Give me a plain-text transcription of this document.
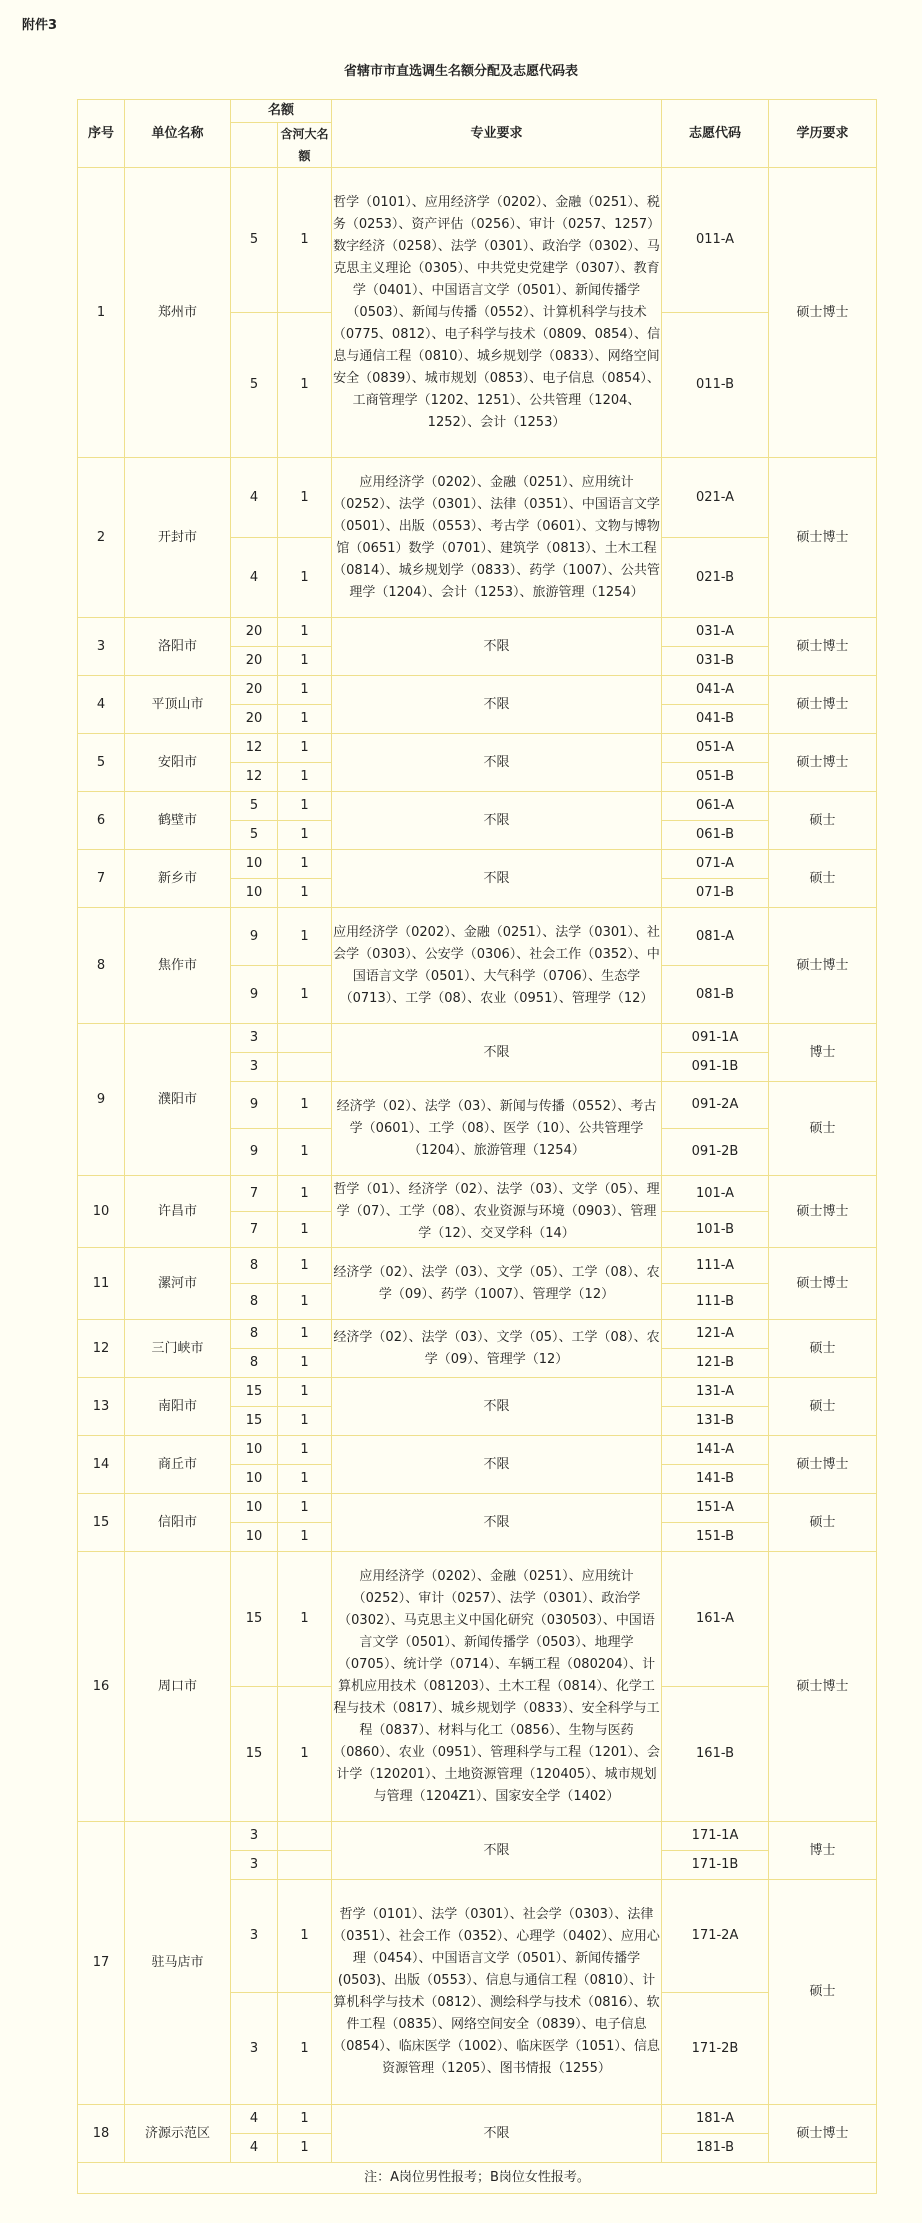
附件3
省辖市市直选调生名额分配及志愿代码表
序号	单位名称	名额		专业要求	志愿代码	学历要求
			含河大名额			
1	郑州市	5	1	哲学（0101）、应用经济学（0202）、金融（0251）、税务（0253）、资产评估（0256）、审计（0257、1257）数字经济（0258）、法学（0301）、政治学（0302）、马克思主义理论（0305）、中共党史党建学（0307）、教育学（0401）、中国语言文学（0501）、新闻传播学（0503）、新闻与传播（0552）、计算机科学与技术（0775、0812）、电子科学与技术（0809、0854）、信息与通信工程（0810）、城乡规划学（0833）、网络空间安全（0839）、城市规划（0853）、电子信息（0854）、工商管理学（1202、1251）、公共管理（1204、1252）、会计（1253）	011-A	硕士博士
		5	1		011-B	
2	开封市	4	1	应用经济学（0202）、金融（0251）、应用统计（0252）、法学（0301）、法律（0351）、中国语言文学（0501）、出版（0553）、考古学（0601）、文物与博物馆（0651）数学（0701）、建筑学（0813）、土木工程（0814）、城乡规划学（0833）、药学（1007）、公共管理学（1204）、会计（1253）、旅游管理（1254）	021-A	硕士博士
		4	1		021-B	
3	洛阳市	20	1	不限	031-A	硕士博士
		20	1		031-B	
4	平顶山市	20	1	不限	041-A	硕士博士
		20	1		041-B	
5	安阳市	12	1	不限	051-A	硕士博士
		12	1		051-B	
6	鹤壁市	5	1	不限	061-A	硕士
		5	1		061-B	
7	新乡市	10	1	不限	071-A	硕士
		10	1		071-B	
8	焦作市	9	1	应用经济学（0202）、金融（0251）、法学（0301）、社会学（0303）、公安学（0306）、社会工作（0352）、中国语言文学（0501）、大气科学（0706）、生态学（0713）、工学（08）、农业（0951）、管理学（12）	081-A	硕士博士
		9	1		081-B	
9	濮阳市	3		不限	091-1A	博士
		3			091-1B	
		9	1	经济学（02）、法学（03）、新闻与传播（0552）、考古学（0601）、工学（08）、医学（10）、公共管理学（1204）、旅游管理（1254）	091-2A	硕士
		9	1		091-2B	
10	许昌市	7	1	哲学（01）、经济学（02）、法学（03）、文学（05）、理学（07）、工学（08）、农业资源与环境（0903）、管理学（12）、交叉学科（14）	101-A	硕士博士
		7	1		101-B	
11	漯河市	8	1	经济学（02）、法学（03）、文学（05）、工学（08）、农学（09）、药学（1007）、管理学（12）	111-A	硕士博士
		8	1		111-B	
12	三门峡市	8	1	经济学（02）、法学（03）、文学（05）、工学（08）、农学（09）、管理学（12）	121-A	硕士
		8	1		121-B	
13	南阳市	15	1	不限	131-A	硕士
		15	1		131-B	
14	商丘市	10	1	不限	141-A	硕士博士
		10	1		141-B	
15	信阳市	10	1	不限	151-A	硕士
		10	1		151-B	
16	周口市	15	1	应用经济学（0202）、金融（0251）、应用统计（0252）、审计（0257）、法学（0301）、政治学（0302）、马克思主义中国化研究（030503）、中国语言文学（0501）、新闻传播学（0503）、地理学（0705）、统计学（0714）、车辆工程（080204）、计算机应用技术（081203）、土木工程（0814）、化学工程与技术（0817）、城乡规划学（0833）、安全科学与工程（0837）、材料与化工（0856）、生物与医药（0860）、农业（0951）、管理科学与工程（1201）、会计学（120201）、土地资源管理（120405）、城市规划与管理（1204Z1）、国家安全学（1402）	161-A	硕士博士
		15	1		161-B	
17	驻马店市	3		不限	171-1A	博士
		3			171-1B	
		3	1	哲学（0101）、法学（0301）、社会学（0303）、法律（0351）、社会工作（0352）、心理学（0402）、应用心理（0454）、中国语言文学（0501）、新闻传播学(0503)、出版（0553）、信息与通信工程（0810）、计算机科学与技术（0812）、测绘科学与技术（0816）、软件工程（0835）、网络空间安全（0839）、电子信息（0854）、临床医学（1002）、临床医学（1051）、信息资源管理（1205）、图书情报（1255）	171-2A	硕士
		3	1		171-2B	
18	济源示范区	4	1	不限	181-A	硕士博士
		4	1		181-B	
注：A岗位男性报考；B岗位女性报考。						
